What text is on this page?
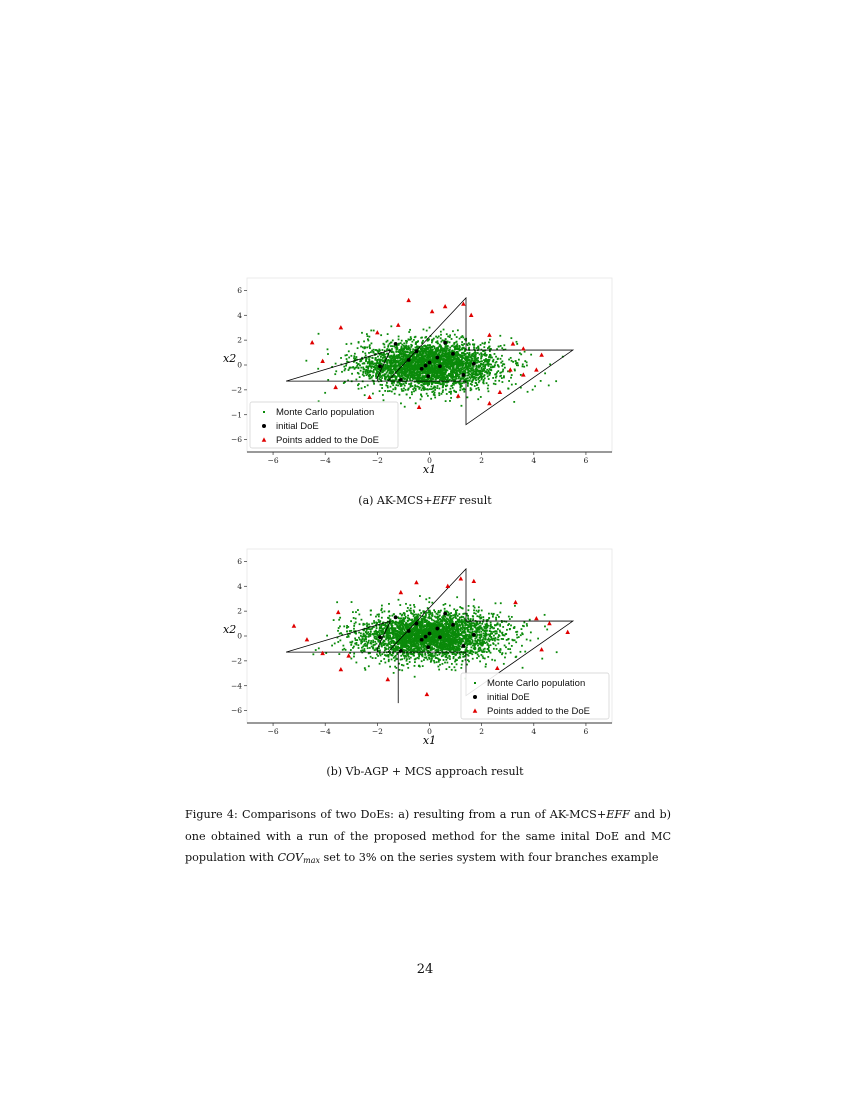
−6	−4	−2	0	2	4	6
6
4
2
0
−2
−1
−6
x1
x2
Monte Carlo population
initial DoE
Points added to the DoE
(a) AK-MCS+EFF result
−6	−4	−2	0	2	4	6
6
4
2
0
−2
−4
−6
x1
x2
Monte Carlo population
initial DoE
Points added to the DoE
(b) Vb-AGP + MCS approach result
Figure 4: Comparisons of two DoEs: a) resulting from a run of AK-MCS+EFF and b) one obtained with a run of the proposed method for the same inital DoE and MC population with $COV_{max}$ set to 3% on the series system with four branches example
24
